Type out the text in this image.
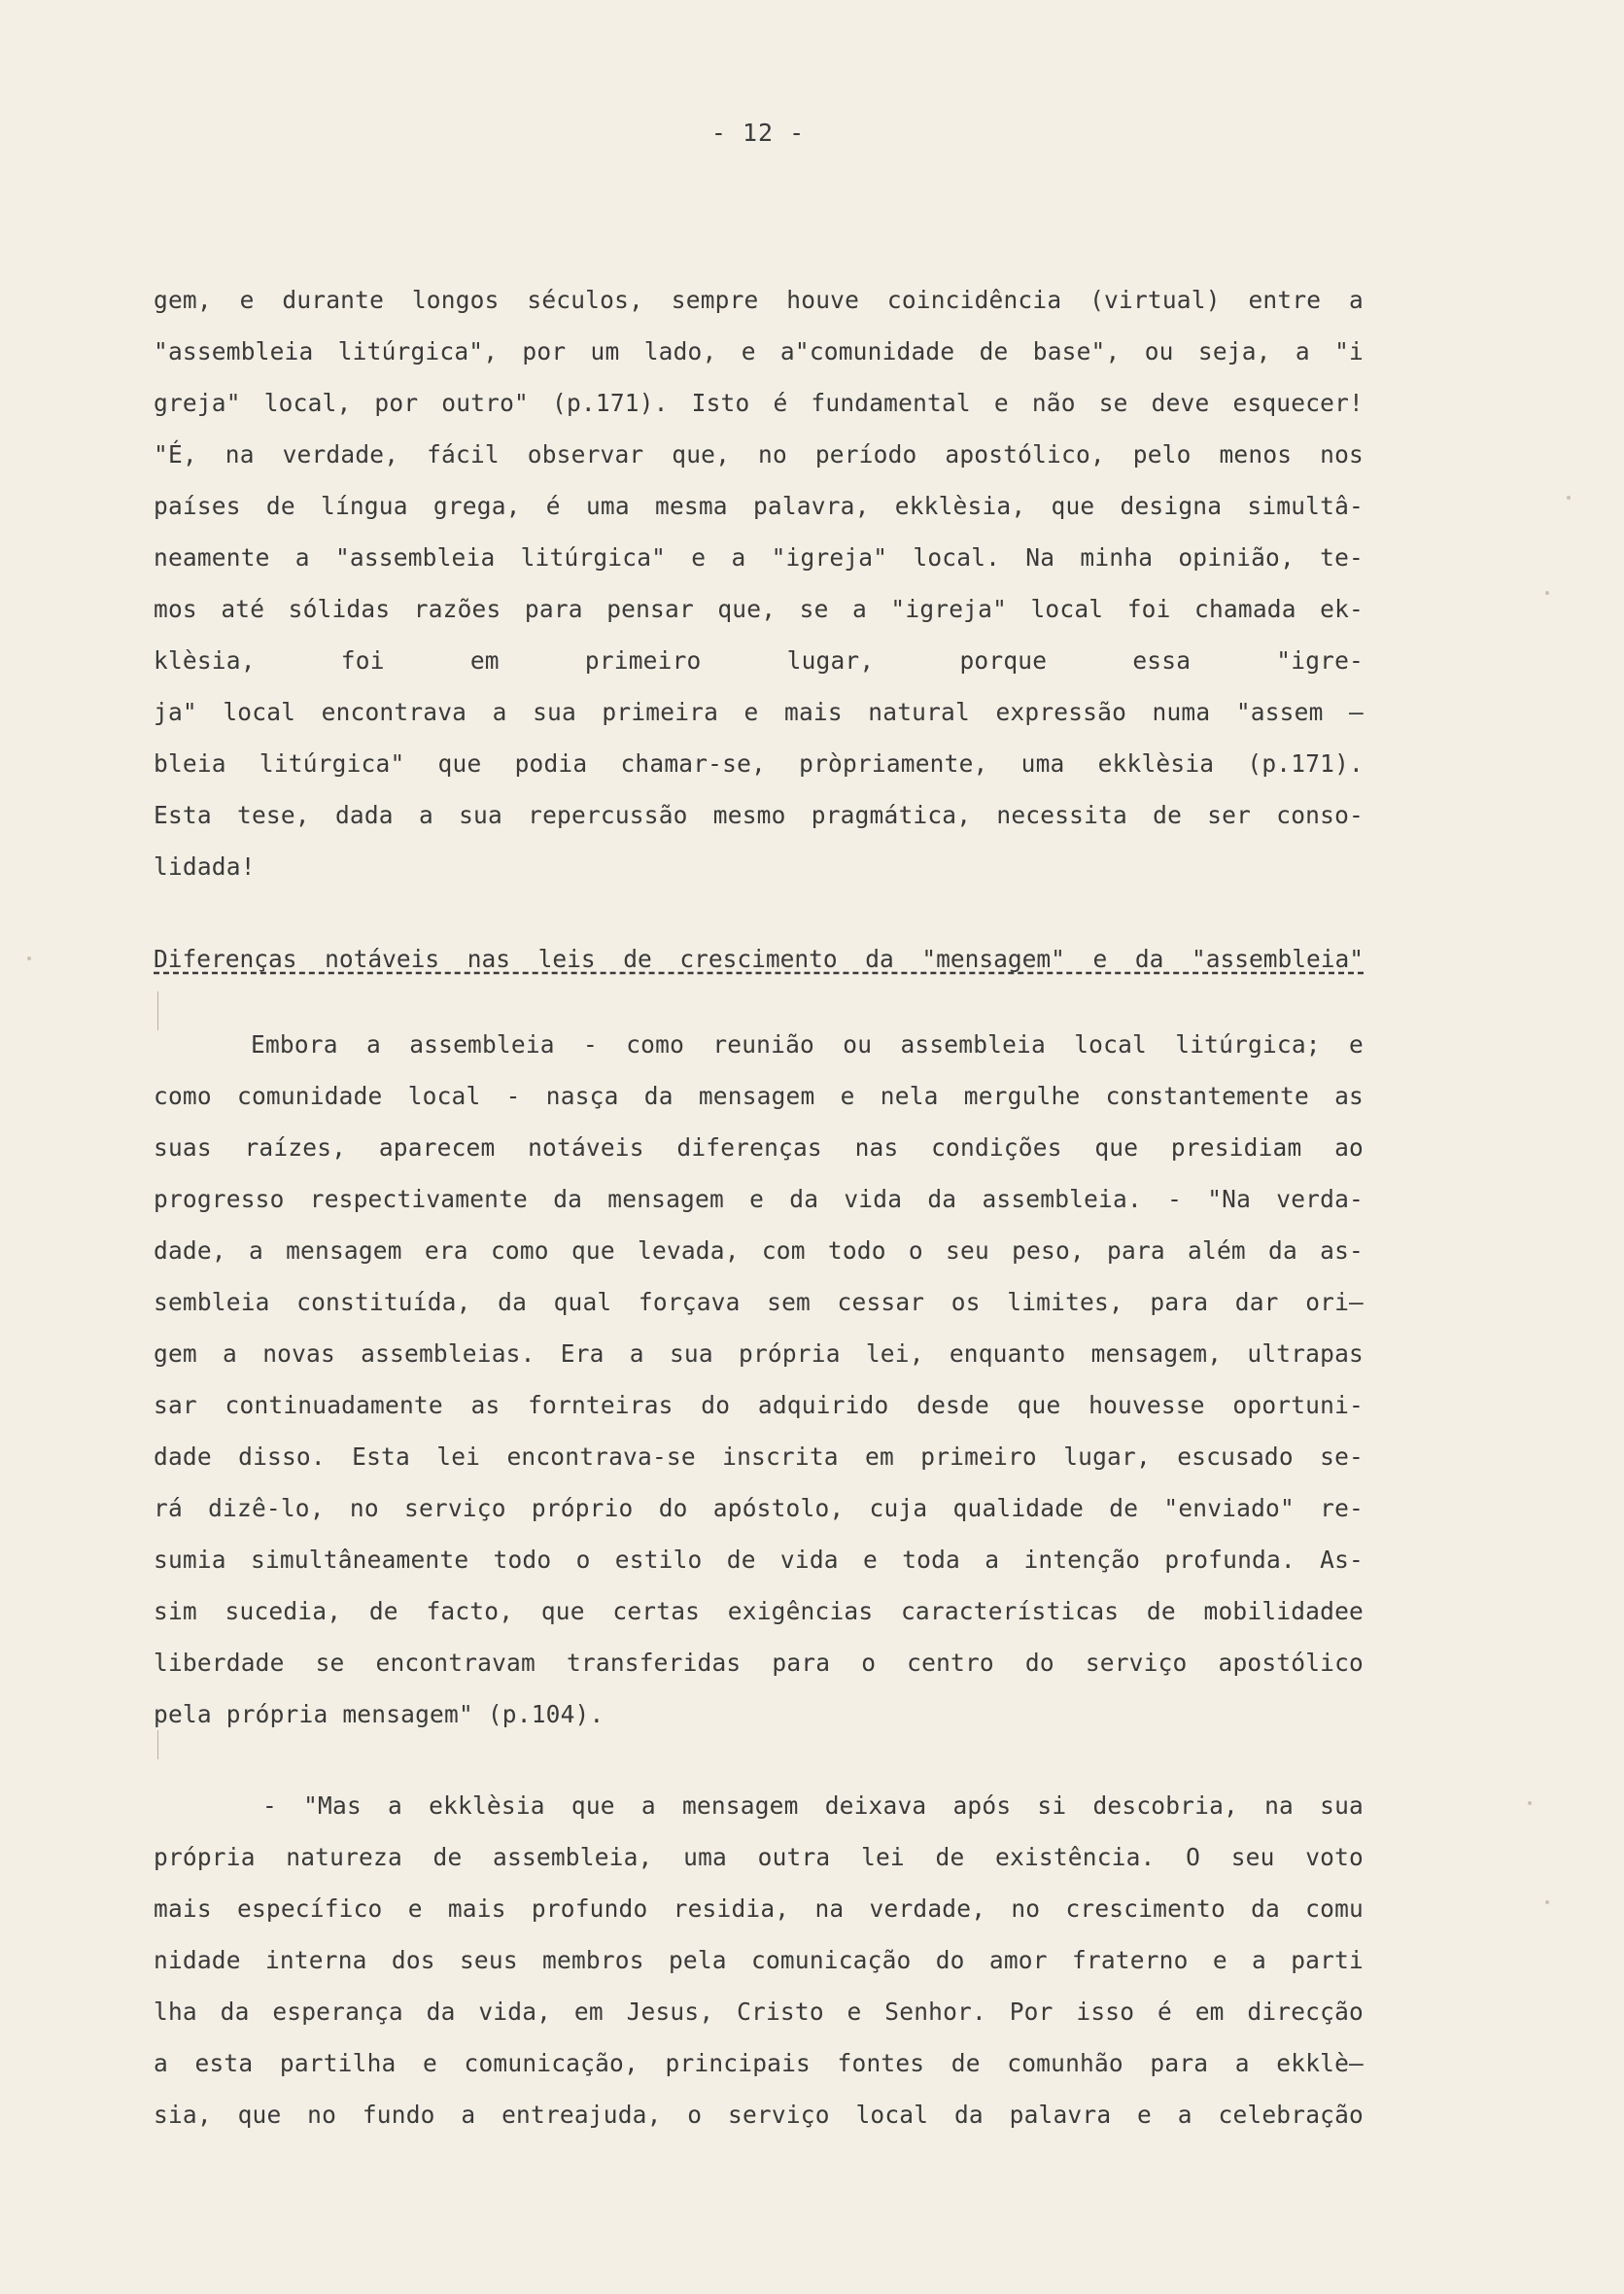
- 12 -
gem, e durante longos séculos, sempre houve coincidência (virtual) entre a
"assembleia litúrgica", por um lado, e a"comunidade de base", ou seja, a "i
greja" local, por outro" (p.171). Isto é fundamental e não se deve esquecer!
"É, na verdade, fácil observar que, no período apostólico, pelo menos nos
países de língua grega, é uma mesma palavra, ekklèsia, que designa simultâ-
neamente a "assembleia litúrgica" e a "igreja" local. Na minha opinião, te-
mos até sólidas razões para pensar que, se a "igreja" local foi chamada ek-
klèsia, foi em primeiro lugar, porque essa "igre-
ja" local encontrava a sua primeira e mais natural expressão numa "assem —
bleia litúrgica" que podia chamar-se, pròpriamente, uma ekklèsia (p.171).
Esta tese, dada a sua repercussão mesmo pragmática, necessita de ser conso-
lidada!
Diferenças notáveis nas leis de crescimento da "mensagem" e da "assembleia"
Embora a assembleia - como reunião ou assembleia local litúrgica; e
como comunidade local - nasça da mensagem e nela mergulhe constantemente as
suas raízes, aparecem notáveis diferenças nas condições que presidiam ao
progresso respectivamente da mensagem e da vida da assembleia. - "Na verda-
dade, a mensagem era como que levada, com todo o seu peso, para além da as-
sembleia constituída, da qual forçava sem cessar os limites, para dar ori—
gem a novas assembleias. Era a sua própria lei, enquanto mensagem, ultrapas
sar continuadamente as fornteiras do adquirido desde que houvesse oportuni-
dade disso. Esta lei encontrava-se inscrita em primeiro lugar, escusado se-
rá dizê-lo, no serviço próprio do apóstolo, cuja qualidade de "enviado" re-
sumia simultâneamente todo o estilo de vida e toda a intenção profunda. As-
sim sucedia, de facto, que certas exigências características de mobilidadee
liberdade se encontravam transferidas para o centro do serviço apostólico
pela própria mensagem" (p.104).
- "Mas a ekklèsia que a mensagem deixava após si descobria, na sua
própria natureza de assembleia, uma outra lei de existência. O seu voto
mais específico e mais profundo residia, na verdade, no crescimento da comu
nidade interna dos seus membros pela comunicação do amor fraterno e a parti
lha da esperança da vida, em Jesus, Cristo e Senhor. Por isso é em direcção
a esta partilha e comunicação, principais fontes de comunhão para a ekklè—
sia, que no fundo a entreajuda, o serviço local da palavra e a celebração
